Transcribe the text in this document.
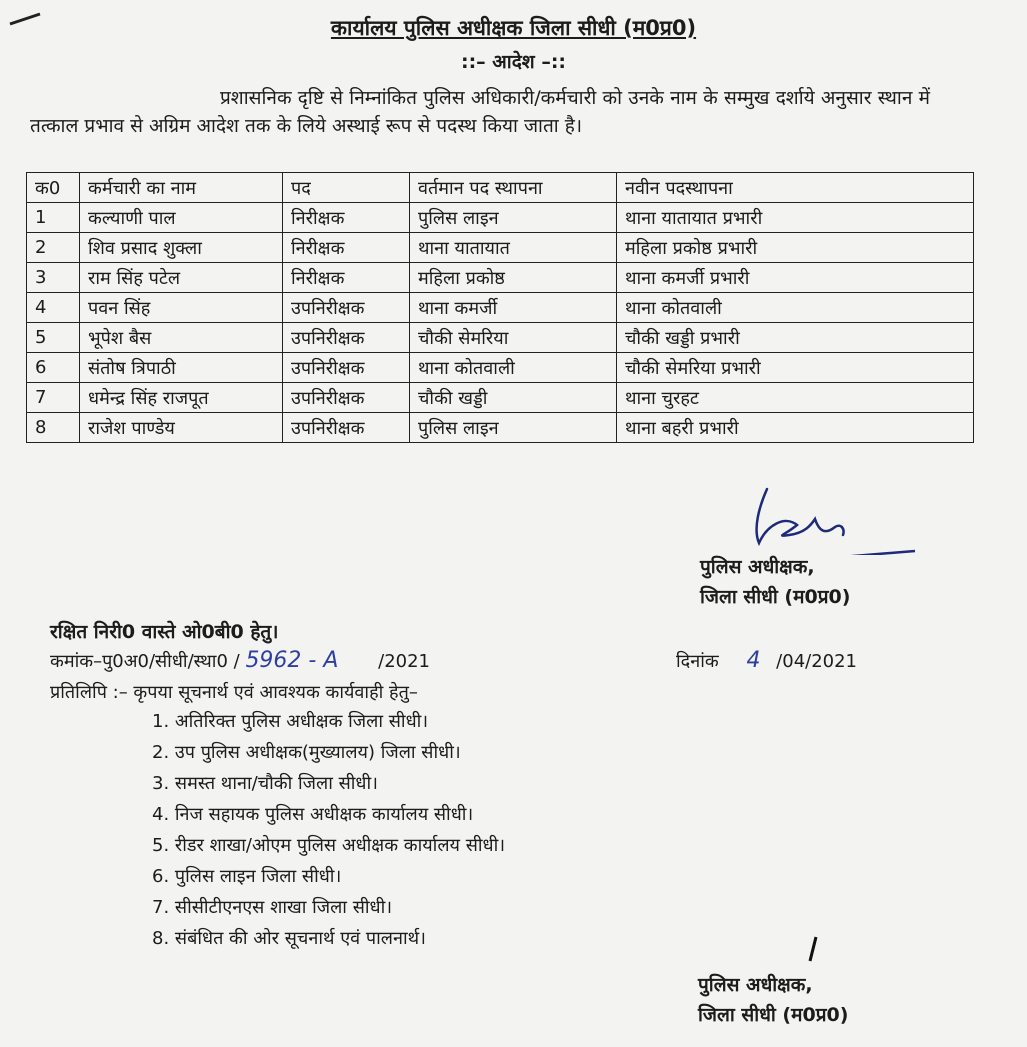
कार्यालय पुलिस अधीक्षक जिला सीधी (म0प्र0)
::– आदेश –::

प्रशासनिक दृष्टि से निम्नांकित पुलिस अधिकारी/कर्मचारी को उनके नाम के सम्मुख दर्शाये अनुसार स्थान में तत्काल प्रभाव से अग्रिम आदेश तक के लिये अस्थाई रूप से पदस्थ किया जाता है।

क0	कर्मचारी का नाम	पद	वर्तमान पद स्थापना	नवीन पदस्थापना
1	कल्याणी पाल	निरीक्षक	पुलिस लाइन	थाना यातायात प्रभारी
2	शिव प्रसाद शुक्ला	निरीक्षक	थाना यातायात	महिला प्रकोष्ठ प्रभारी
3	राम सिंह पटेल	निरीक्षक	महिला प्रकोष्ठ	थाना कमर्जी प्रभारी
4	पवन सिंह	उपनिरीक्षक	थाना कमर्जी	थाना कोतवाली
5	भूपेश बैस	उपनिरीक्षक	चौकी सेमरिया	चौकी खड्डी प्रभारी
6	संतोष त्रिपाठी	उपनिरीक्षक	थाना कोतवाली	चौकी सेमरिया प्रभारी
7	धमेन्द्र सिंह राजपूत	उपनिरीक्षक	चौकी खड्डी	थाना चुरहट
8	राजेश पाण्डेय	उपनिरीक्षक	पुलिस लाइन	थाना बहरी प्रभारी
पुलिस अधीक्षक,
जिला सीधी (म0प्र0)
रक्षित निरी0 वास्ते ओ0बी0 हेतु।
कमांक–पु0अ0/सीधी/स्था0 / 5962 - A /2021	दिनांक 4 /04/2021
प्रतिलिपि :– कृपया सूचनार्थ एवं आवश्यक कार्यवाही हेतु–
1. अतिरिक्त पुलिस अधीक्षक जिला सीधी।
2. उप पुलिस अधीक्षक(मुख्यालय) जिला सीधी।
3. समस्त थाना/चौकी जिला सीधी।
4. निज सहायक पुलिस अधीक्षक कार्यालय सीधी।
5. रीडर शाखा/ओएम पुलिस अधीक्षक कार्यालय सीधी।
6. पुलिस लाइन जिला सीधी।
7. सीसीटीएनएस शाखा जिला सीधी।
8. संबंधित की ओर सूचनार्थ एवं पालनार्थ।
पुलिस अधीक्षक,
जिला सीधी (म0प्र0)
